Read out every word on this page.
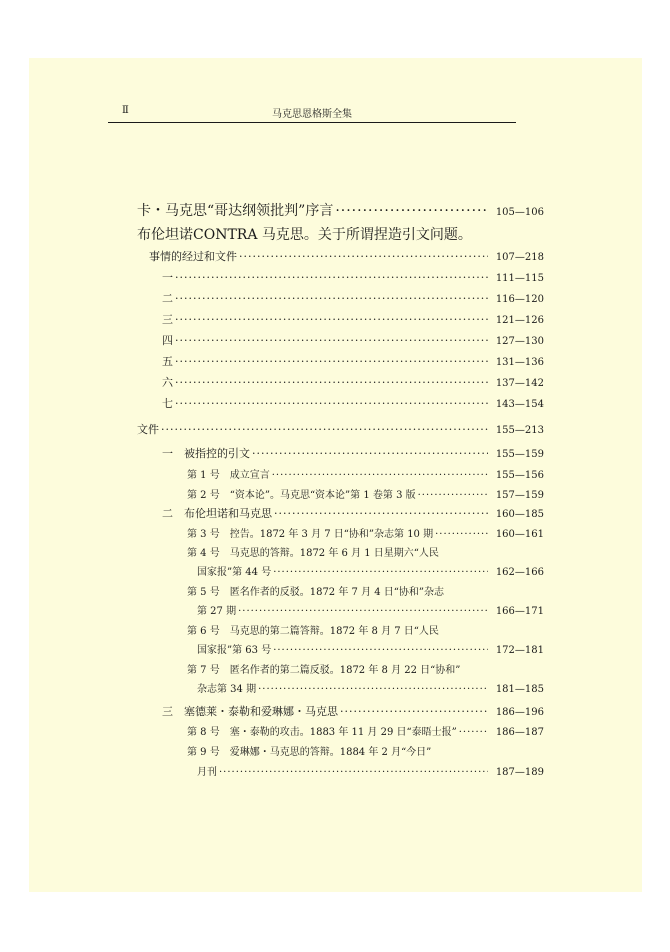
Ⅱ	马克思恩格斯全集
卡・马克思“哥达纲领批判”序言 ·····	105—106
布伦坦诺CONTRA 马克思。关于所谓捏造引文问题。
事情的经过和文件 ·····	107—218
一 ·····	111—115
二 ·····	116—120
三 ·····	121—126
四 ·····	127—130
五 ·····	131—136
六 ·····	137—142
七 ·····	143—154
文件 ·····	155—213
一　被指控的引文 ·····	155—159
第 1 号　成立宣言 ·····	155—156
第 2 号　“资本论”。马克思“资本论”第 1 卷第 3 版 ·····	157—159
二　布伦坦诺和马克思 ·····	160—185
第 3 号　控告。1872 年 3 月 7 日“协和”杂志第 10 期 ·····	160—161
第 4 号　马克思的答辩。1872 年 6 月 1 日星期六“人民
国家报”第 44 号 ·····	162—166
第 5 号　匿名作者的反驳。1872 年 7 月 4 日“协和”杂志
第 27 期 ·····	166—171
第 6 号　马克思的第二篇答辩。1872 年 8 月 7 日“人民
国家报”第 63 号 ·····	172—181
第 7 号　匿名作者的第二篇反驳。1872 年 8 月 22 日“协和”
杂志第 34 期 ·····	181—185
三　塞德莱・泰勒和爱琳娜・马克思 ·····	186—196
第 8 号　塞・泰勒的攻击。1883 年 11 月 29 日“泰晤士报” ·····	186—187
第 9 号　爱琳娜・马克思的答辩。1884 年 2 月“今日”
月刊 ·····	187—189
